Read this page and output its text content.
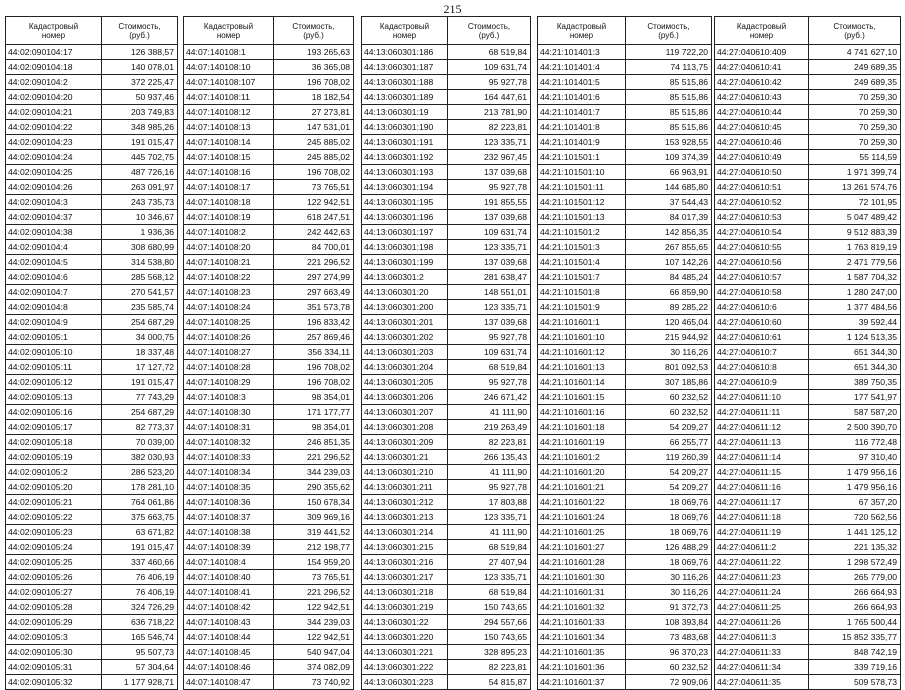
215
Кадастровый
номер	Стоимость,
(руб.)
44:02:090104:17	126 388,57
44:02:090104:18	140 078,01
44:02:090104:2	372 225,47
44:02:090104:20	50 937,46
44:02:090104:21	203 749,83
44:02:090104:22	348 985,26
44:02:090104:23	191 015,47
44:02:090104:24	445 702,75
44:02:090104:25	487 726,16
44:02:090104:26	263 091,97
44:02:090104:3	243 735,73
44:02:090104:37	10 346,67
44:02:090104:38	1 936,36
44:02:090104:4	308 680,99
44:02:090104:5	314 538,80
44:02:090104:6	285 568,12
44:02:090104:7	270 541,57
44:02:090104:8	235 585,74
44:02:090104:9	254 687,29
44:02:090105:1	34 000,75
44:02:090105:10	18 337,48
44:02:090105:11	17 127,72
44:02:090105:12	191 015,47
44:02:090105:13	77 743,29
44:02:090105:16	254 687,29
44:02:090105:17	82 773,37
44:02:090105:18	70 039,00
44:02:090105:19	382 030,93
44:02:090105:2	286 523,20
44:02:090105:20	178 281,10
44:02:090105:21	764 061,86
44:02:090105:22	375 663,75
44:02:090105:23	63 671,82
44:02:090105:24	191 015,47
44:02:090105:25	337 460,66
44:02:090105:26	76 406,19
44:02:090105:27	76 406,19
44:02:090105:28	324 726,29
44:02:090105:29	636 718,22
44:02:090105:3	165 546,74
44:02:090105:30	95 507,73
44:02:090105:31	57 304,64
44:02:090105:32	1 177 928,71
Кадастровый
номер	Стоимость,
(руб.)
44:07:140108:1	193 265,63
44:07:140108:10	36 365,08
44:07:140108:107	196 708,02
44:07:140108:11	18 182,54
44:07:140108:12	27 273,81
44:07:140108:13	147 531,01
44:07:140108:14	245 885,02
44:07:140108:15	245 885,02
44:07:140108:16	196 708,02
44:07:140108:17	73 765,51
44:07:140108:18	122 942,51
44:07:140108:19	618 247,51
44:07:140108:2	242 442,63
44:07:140108:20	84 700,01
44:07:140108:21	221 296,52
44:07:140108:22	297 274,99
44:07:140108:23	297 663,49
44:07:140108:24	351 573,78
44:07:140108:25	196 833,42
44:07:140108:26	257 869,46
44:07:140108:27	356 334,11
44:07:140108:28	196 708,02
44:07:140108:29	196 708,02
44:07:140108:3	98 354,01
44:07:140108:30	171 177,77
44:07:140108:31	98 354,01
44:07:140108:32	246 851,35
44:07:140108:33	221 296,52
44:07:140108:34	344 239,03
44:07:140108:35	290 355,62
44:07:140108:36	150 678,34
44:07:140108:37	309 969,16
44:07:140108:38	319 441,52
44:07:140108:39	212 198,77
44:07:140108:4	154 959,20
44:07:140108:40	73 765,51
44:07:140108:41	221 296,52
44:07:140108:42	122 942,51
44:07:140108:43	344 239,03
44:07:140108:44	122 942,51
44:07:140108:45	540 947,04
44:07:140108:46	374 082,09
44:07:140108:47	73 740,92
Кадастровый
номер	Стоимость,
(руб.)
44:13:060301:186	68 519,84
44:13:060301:187	109 631,74
44:13:060301:188	95 927,78
44:13:060301:189	164 447,61
44:13:060301:19	213 781,90
44:13:060301:190	82 223,81
44:13:060301:191	123 335,71
44:13:060301:192	232 967,45
44:13:060301:193	137 039,68
44:13:060301:194	95 927,78
44:13:060301:195	191 855,55
44:13:060301:196	137 039,68
44:13:060301:197	109 631,74
44:13:060301:198	123 335,71
44:13:060301:199	137 039,68
44:13:060301:2	281 638,47
44:13:060301:20	148 551,01
44:13:060301:200	123 335,71
44:13:060301:201	137 039,68
44:13:060301:202	95 927,78
44:13:060301:203	109 631,74
44:13:060301:204	68 519,84
44:13:060301:205	95 927,78
44:13:060301:206	246 671,42
44:13:060301:207	41 111,90
44:13:060301:208	219 263,49
44:13:060301:209	82 223,81
44:13:060301:21	266 135,43
44:13:060301:210	41 111,90
44:13:060301:211	95 927,78
44:13:060301:212	17 803,88
44:13:060301:213	123 335,71
44:13:060301:214	41 111,90
44:13:060301:215	68 519,84
44:13:060301:216	27 407,94
44:13:060301:217	123 335,71
44:13:060301:218	68 519,84
44:13:060301:219	150 743,65
44:13:060301:22	294 557,66
44:13:060301:220	150 743,65
44:13:060301:221	328 895,23
44:13:060301:222	82 223,81
44:13:060301:223	54 815,87
Кадастровый
номер	Стоимость,
(руб.)
44:21:101401:3	119 722,20
44:21:101401:4	74 113,75
44:21:101401:5	85 515,86
44:21:101401:6	85 515,86
44:21:101401:7	85 515,86
44:21:101401:8	85 515,86
44:21:101401:9	153 928,55
44:21:101501:1	109 374,39
44:21:101501:10	66 963,91
44:21:101501:11	144 685,80
44:21:101501:12	37 544,43
44:21:101501:13	84 017,39
44:21:101501:2	142 856,35
44:21:101501:3	267 855,65
44:21:101501:4	107 142,26
44:21:101501:7	84 485,24
44:21:101501:8	66 859,90
44:21:101501:9	89 285,22
44:21:101601:1	120 465,04
44:21:101601:10	215 944,92
44:21:101601:12	30 116,26
44:21:101601:13	801 092,53
44:21:101601:14	307 185,86
44:21:101601:15	60 232,52
44:21:101601:16	60 232,52
44:21:101601:18	54 209,27
44:21:101601:19	66 255,77
44:21:101601:2	119 260,39
44:21:101601:20	54 209,27
44:21:101601:21	54 209,27
44:21:101601:22	18 069,76
44:21:101601:24	18 069,76
44:21:101601:25	18 069,76
44:21:101601:27	126 488,29
44:21:101601:28	18 069,76
44:21:101601:30	30 116,26
44:21:101601:31	30 116,26
44:21:101601:32	91 372,73
44:21:101601:33	108 393,84
44:21:101601:34	73 483,68
44:21:101601:35	96 370,23
44:21:101601:36	60 232,52
44:21:101601:37	72 909,06
Кадастровый
номер	Стоимость,
(руб.)
44:27:040610:409	4 741 627,10
44:27:040610:41	249 689,35
44:27:040610:42	249 689,35
44:27:040610:43	70 259,30
44:27:040610:44	70 259,30
44:27:040610:45	70 259,30
44:27:040610:46	70 259,30
44:27:040610:49	55 114,59
44:27:040610:50	1 971 399,74
44:27:040610:51	13 261 574,76
44:27:040610:52	72 101,95
44:27:040610:53	5 047 489,42
44:27:040610:54	9 512 883,39
44:27:040610:55	1 763 819,19
44:27:040610:56	2 471 779,56
44:27:040610:57	1 587 704,32
44:27:040610:58	1 280 247,00
44:27:040610:6	1 377 484,56
44:27:040610:60	39 592,44
44:27:040610:61	1 124 513,35
44:27:040610:7	651 344,30
44:27:040610:8	651 344,30
44:27:040610:9	389 750,35
44:27:040611:10	177 541,97
44:27:040611:11	587 587,20
44:27:040611:12	2 500 390,70
44:27:040611:13	116 772,48
44:27:040611:14	97 310,40
44:27:040611:15	1 479 956,16
44:27:040611:16	1 479 956,16
44:27:040611:17	67 357,20
44:27:040611:18	720 562,56
44:27:040611:19	1 441 125,12
44:27:040611:2	221 135,32
44:27:040611:22	1 298 572,49
44:27:040611:23	265 779,00
44:27:040611:24	266 664,93
44:27:040611:25	266 664,93
44:27:040611:26	1 765 500,44
44:27:040611:3	15 852 335,77
44:27:040611:33	848 742,19
44:27:040611:34	339 719,16
44:27:040611:35	509 578,73
